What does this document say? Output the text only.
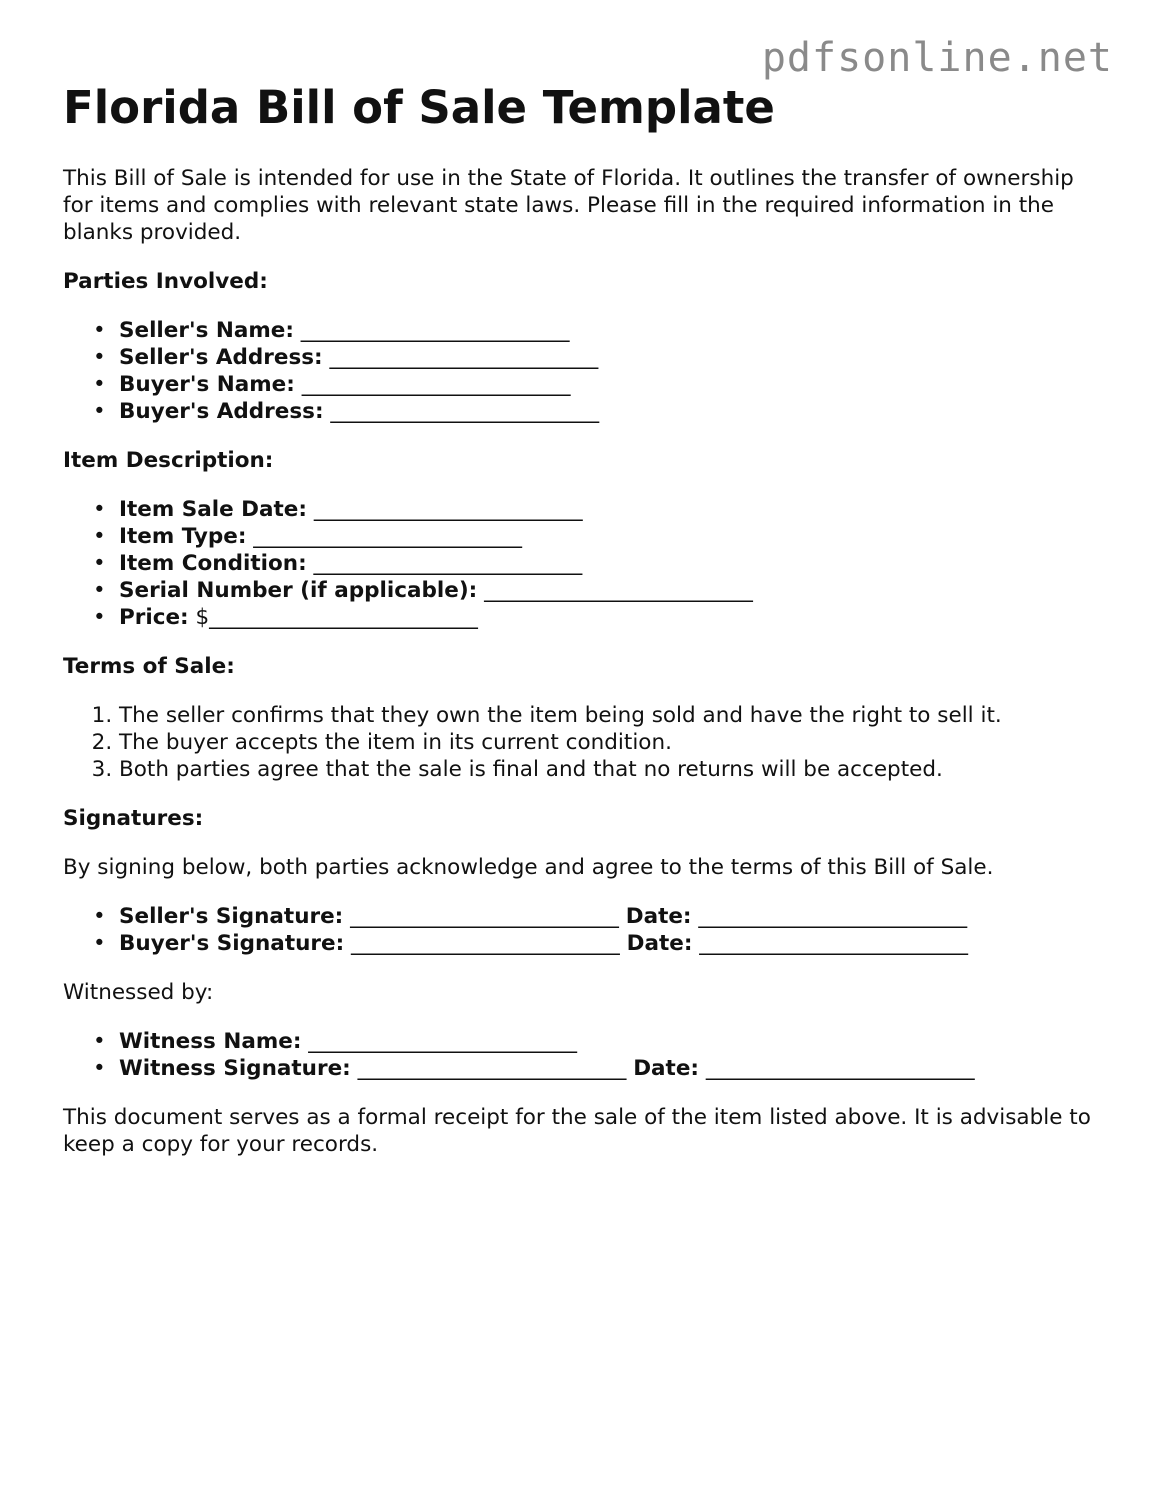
pdfsonline.net
Florida Bill of Sale Template

This Bill of Sale is intended for use in the State of Florida. It outlines the transfer of ownership for items and complies with relevant state laws. Please fill in the required information in the blanks provided.

Parties Involved:

• Seller's Name: _________________________
• Seller's Address: _________________________
• Buyer's Name: _________________________
• Buyer's Address: _________________________

Item Description:

• Item Sale Date: _________________________
• Item Type: _________________________
• Item Condition: _________________________
• Serial Number (if applicable): _________________________
• Price: $_________________________

Terms of Sale:

1. The seller confirms that they own the item being sold and have the right to sell it.
2. The buyer accepts the item in its current condition.
3. Both parties agree that the sale is final and that no returns will be accepted.

Signatures:

By signing below, both parties acknowledge and agree to the terms of this Bill of Sale.

• Seller's Signature: _________________________ Date: _________________________
• Buyer's Signature: _________________________ Date: _________________________

Witnessed by:

• Witness Name: _________________________
• Witness Signature: _________________________ Date: _________________________

This document serves as a formal receipt for the sale of the item listed above. It is advisable to keep a copy for your records.
